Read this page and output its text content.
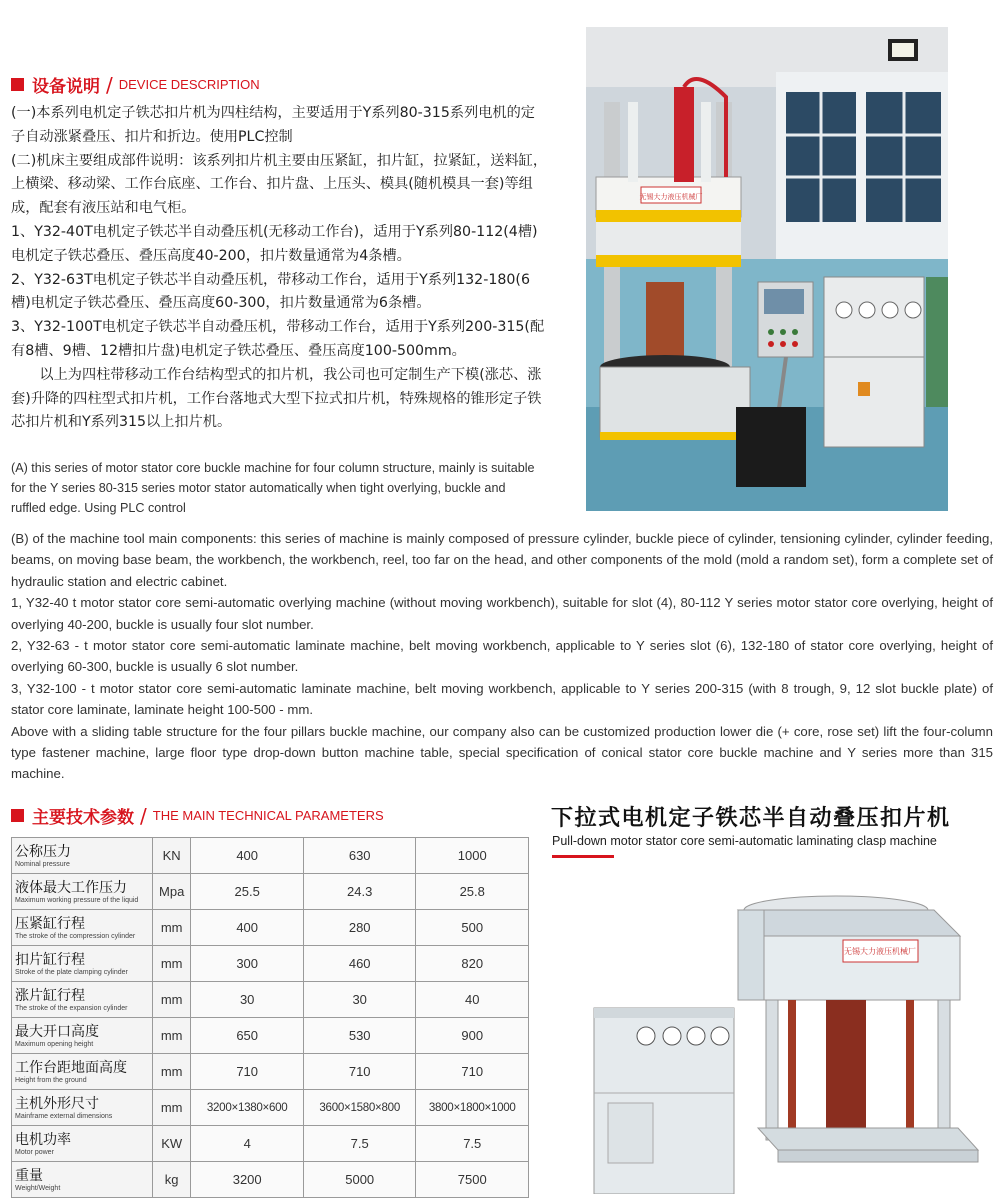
设备说明 / DEVICE DESCRIPTION

(一)本系列电机定子铁芯扣片机为四柱结构，主要适用于Y系列80-315系列电机的定子自动涨紧叠压、扣片和折边。使用PLC控制

(二)机床主要组成部件说明：该系列扣片机主要由压紧缸，扣片缸，拉紧缸，送料缸，上横梁、移动梁、工作台底座、工作台、扣片盘、上压头、模具(随机模具一套)等组成，配套有液压站和电气柜。

1、Y32-40T电机定子铁芯半自动叠压机(无移动工作台)，适用于Y系列80-112(4槽)电机定子铁芯叠压、叠压高度40-200，扣片数量通常为4条槽。

2、Y32-63T电机定子铁芯半自动叠压机，带移动工作台，适用于Y系列132-180(6槽)电机定子铁芯叠压、叠压高度60-300，扣片数量通常为6条槽。

3、Y32-100T电机定子铁芯半自动叠压机，带移动工作台，适用于Y系列200-315(配有8槽、9槽、12槽扣片盘)电机定子铁芯叠压、叠压高度100-500mm。

以上为四柱带移动工作台结构型式的扣片机，我公司也可定制生产下模(涨芯、涨套)升降的四柱型式扣片机，工作台落地式大型下拉式扣片机，特殊规格的锥形定子铁芯扣片机和Y系列315以上扣片机。

(A) this series of motor stator core buckle machine for four column structure, mainly is suitable for the Y series 80-315 series motor stator automatically when tight overlying, buckle and ruffled edge. Using PLC control

(B) of the machine tool main components: this series of machine is mainly composed of pressure cylinder, buckle piece of cylinder, tensioning cylinder, cylinder feeding, beams, on moving base beam, the workbench, the workbench, reel, too far on the head, and other components of the mold (mold a random set), form a complete set of hydraulic station and electric cabinet.

1, Y32-40 t motor stator core semi-automatic overlying machine (without moving workbench), suitable for slot (4), 80-112 Y series motor stator core overlying, height of overlying 40-200, buckle is usually four slot number.

2, Y32-63 - t motor stator core semi-automatic laminate machine, belt moving workbench, applicable to Y series slot (6), 132-180 of stator core overlying, height of overlying 60-300, buckle is usually 6 slot number.

3, Y32-100 - t motor stator core semi-automatic laminate machine, belt moving workbench, applicable to Y series 200-315 (with 8 trough, 9, 12 slot buckle plate) of stator core laminate, laminate height 100-500 - mm.

Above with a sliding table structure for the four pillars buckle machine, our company also can be customized production lower die (+ core, rose set) lift the four-column type fastener machine, large floor type drop-down button machine table, special specification of conical stator core buckle machine and Y series more than 315 machine.

无锡大力液压机械厂
主要技术参数 / THE MAIN TECHNICAL PARAMETERS
公称压力
Nominal pressure	KN	400	630	1000

液体最大工作压力
Maximum working pressure of the liquid	Mpa	25.5	24.3	25.8

压紧缸行程
The stroke of the compression cylinder	mm	400	280	500

扣片缸行程
Stroke of the plate clamping cylinder	mm	300	460	820

涨片缸行程
The stroke of the expansion cylinder	mm	30	30	40

最大开口高度
Maximum opening height	mm	650	530	900

工作台距地面高度
Height from the ground	mm	710	710	710

主机外形尺寸
Mainframe external dimensions	mm	3200×1380×600	3600×1580×800	3800×1800×1000

电机功率
Motor power	KW	4	7.5	7.5

重量
Weight/Weight	kg	3200	5000	7500
下拉式电机定子铁芯半自动叠压扣片机
Pull-down motor stator core semi-automatic laminating clasp machine
无锡大力液压机械厂
